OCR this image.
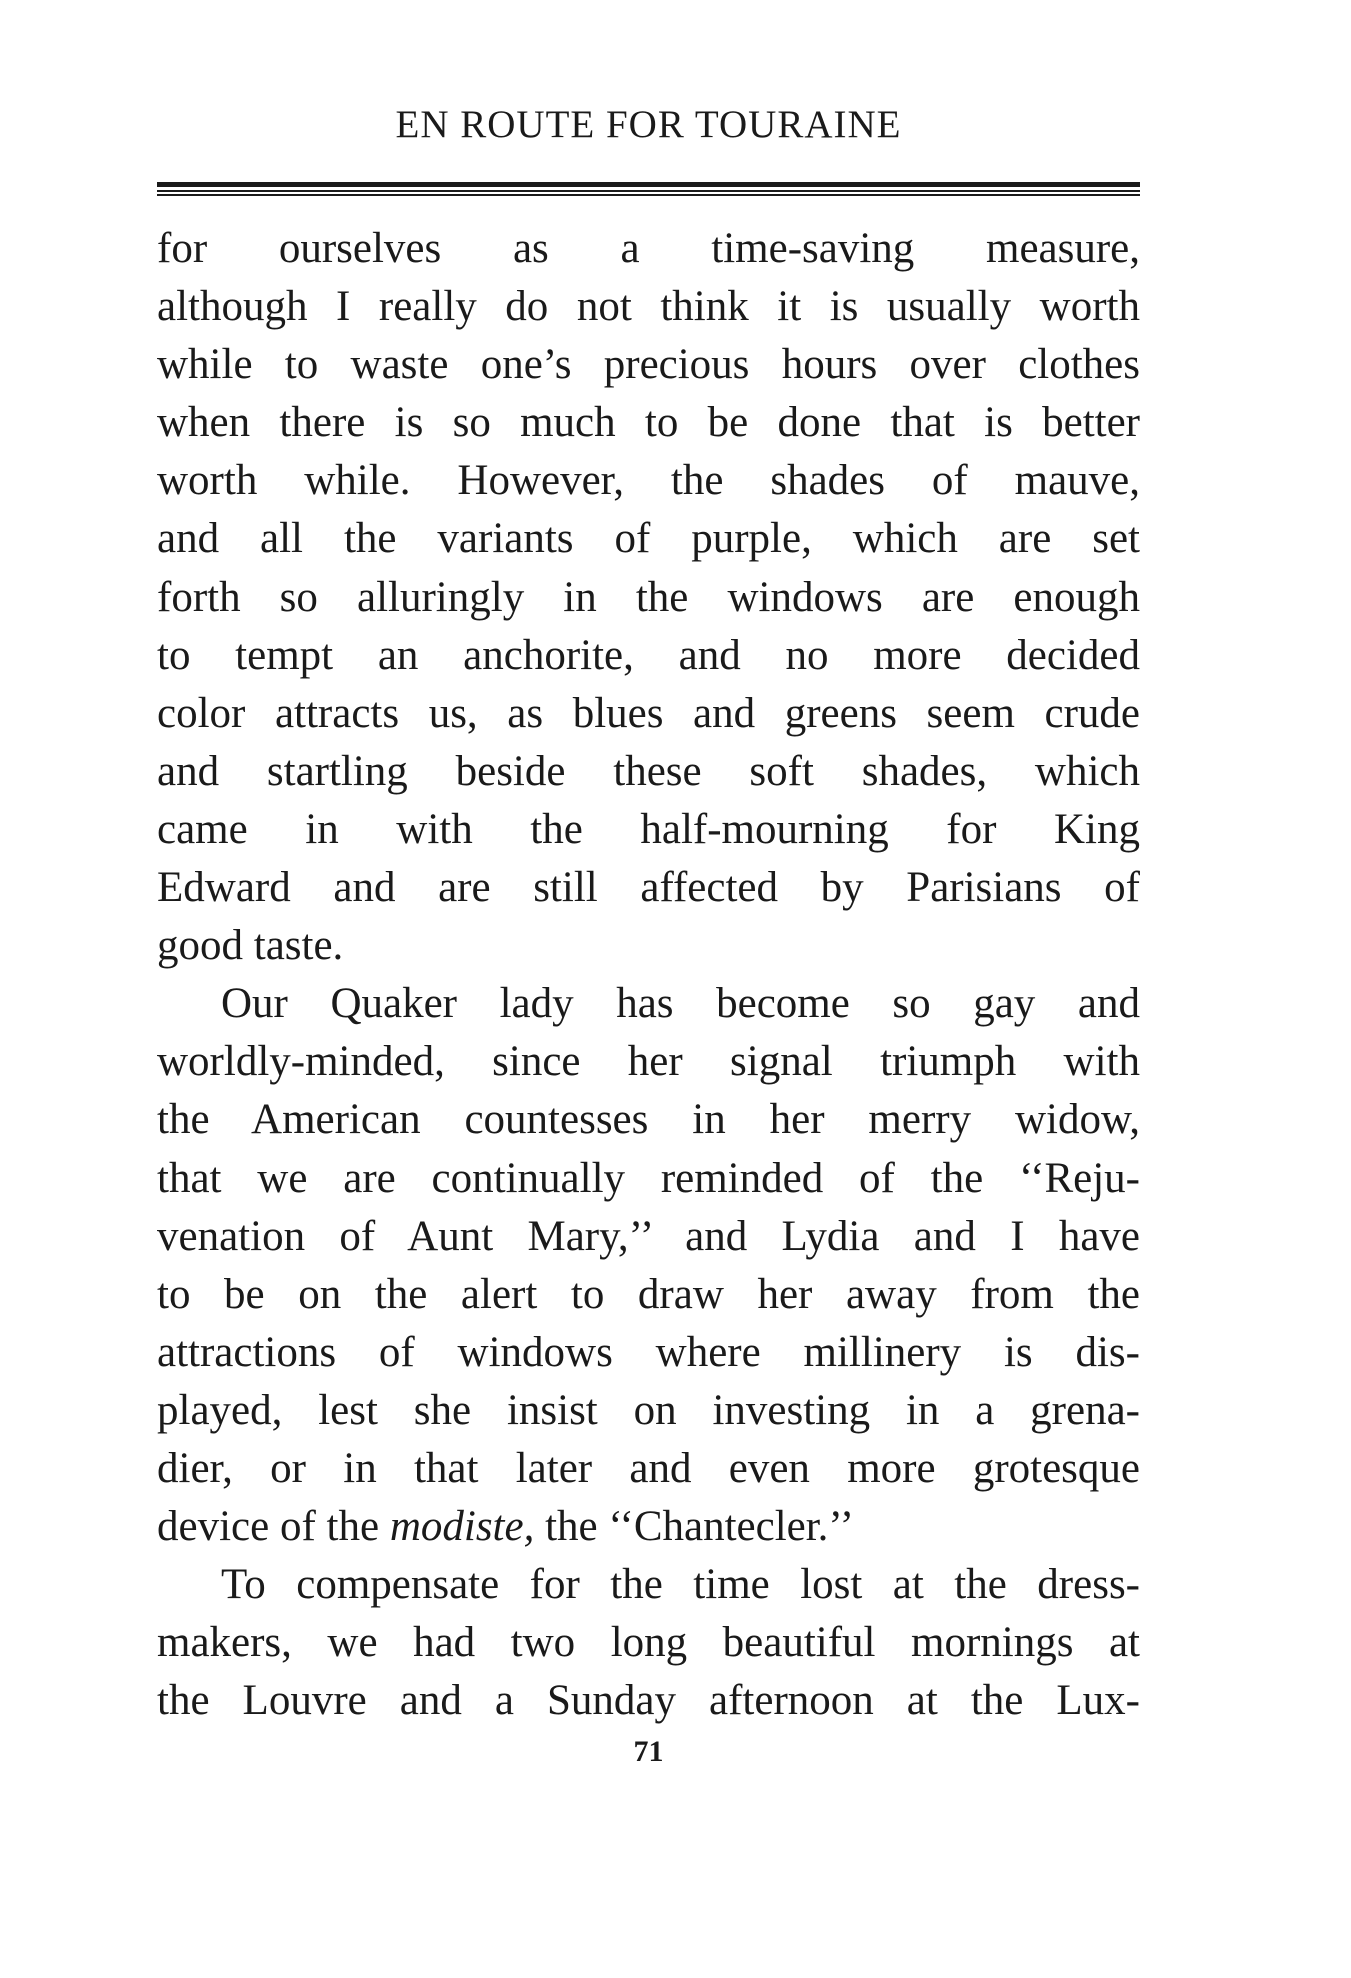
EN ROUTE FOR TOURAINE
for ourselves as a time-saving measure,
although I really do not think it is usually worth
while to waste one’s precious hours over clothes
when there is so much to be done that is better
worth while. However, the shades of mauve,
and all the variants of purple, which are set
forth so alluringly in the windows are enough
to tempt an anchorite, and no more decided
color attracts us, as blues and greens seem crude
and startling beside these soft shades, which
came in with the half-mourning for King
Edward and are still affected by Parisians of
good taste.
Our Quaker lady has become so gay and
worldly-minded, since her signal triumph with
the American countesses in her merry widow,
that we are continually reminded of the ‘‘Reju-
venation of Aunt Mary,’’ and Lydia and I have
to be on the alert to draw her away from the
attractions of windows where millinery is dis-
played, lest she insist on investing in a grena-
dier, or in that later and even more grotesque
device of the modiste, the ‘‘Chantecler.’’
To compensate for the time lost at the dress-
makers, we had two long beautiful mornings at
the Louvre and a Sunday afternoon at the Lux-
71
